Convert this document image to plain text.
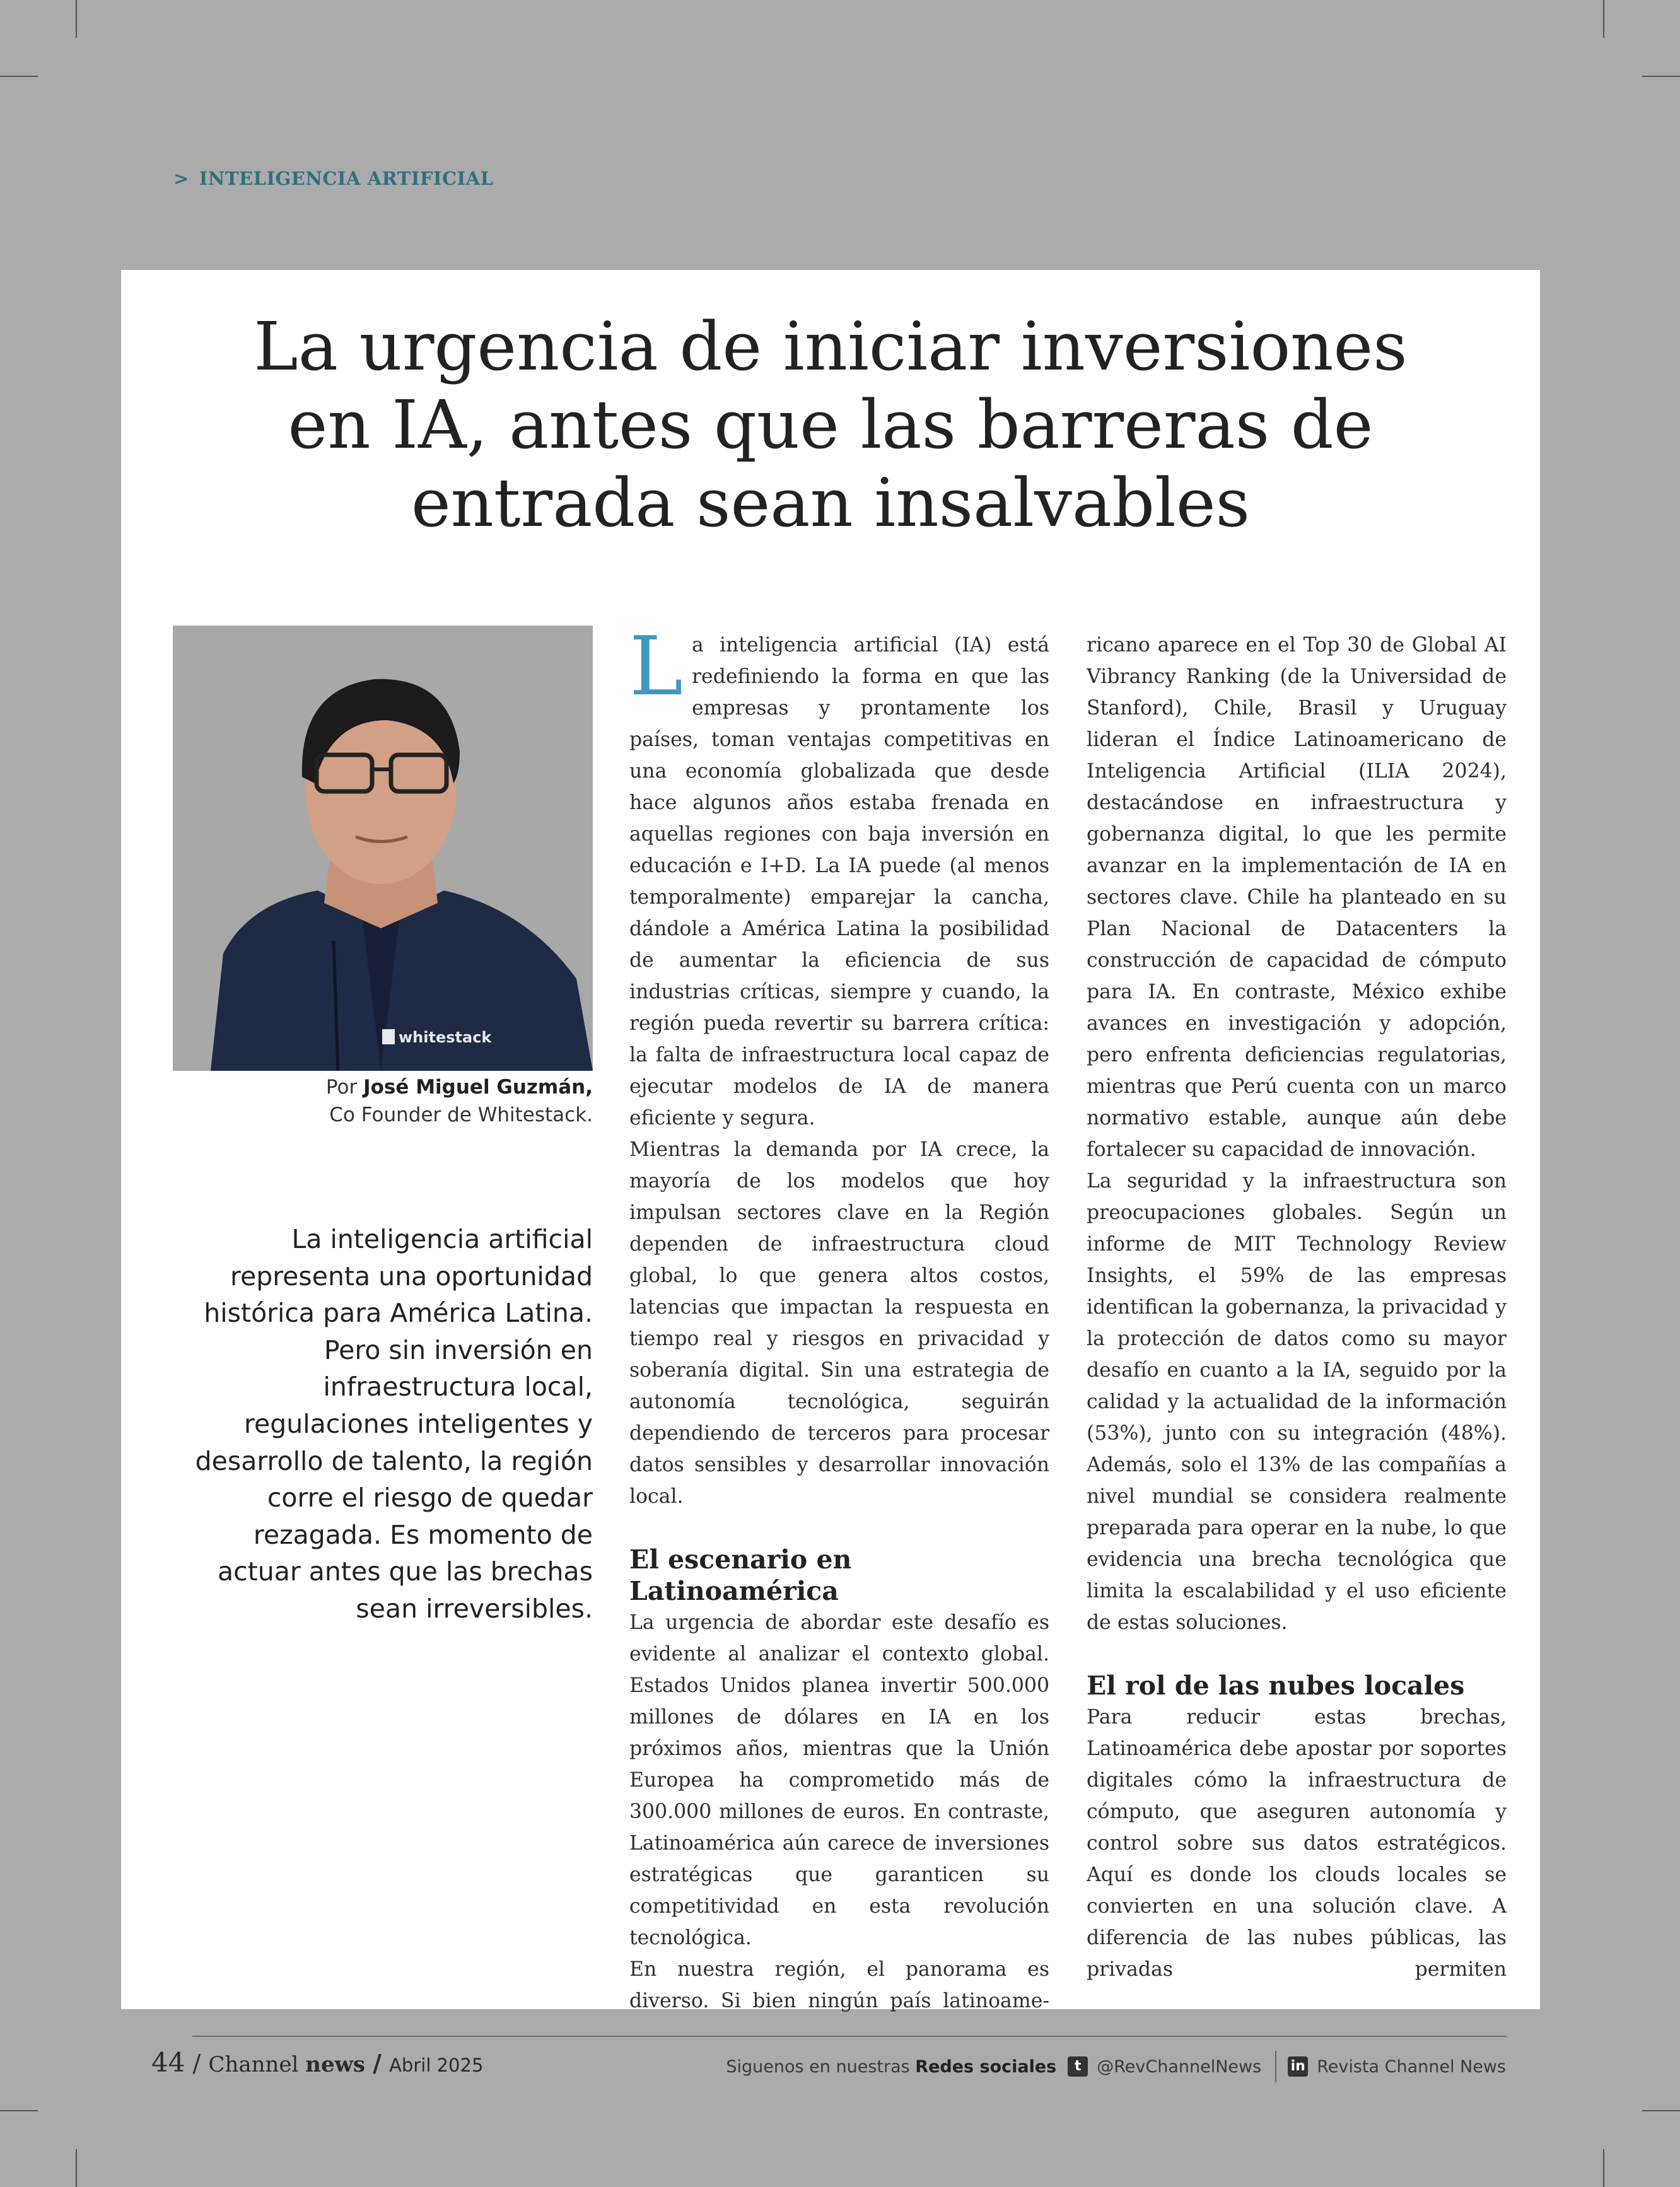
> INTELIGENCIA ARTIFICIAL
La urgencia de iniciar inversiones
en IA, antes que las barreras de
entrada sean insalvables
whitestack
Por José Miguel Guzmán,
Co Founder de Whitestack.
La inteligencia artificial representa una oportunidad histórica para América Latina. Pero sin inversión en infraestructura local, regulaciones inteligentes y desarrollo de talento, la región corre el riesgo de quedar rezagada. Es momento de actuar antes que las brechas sean irreversibles.

La inteligencia artificial (IA) está redefiniendo la forma en que las empresas y prontamente los países, toman ventajas competitivas en una economía globalizada que desde hace algunos años estaba frenada en aquellas regiones con baja inversión en educación e I+D. La IA puede (al menos temporalmente) emparejar la cancha, dándole a América Latina la posibilidad de aumentar la eficiencia de sus industrias críticas, siempre y cuando, la región pueda revertir su barrera crítica: la falta de infraestructura local capaz de ejecutar modelos de IA de manera eficiente y segura.

Mientras la demanda por IA crece, la mayoría de los modelos que hoy impulsan sectores clave en la Región dependen de infraestructura cloud global, lo que genera altos costos, latencias que impactan la respuesta en tiempo real y riesgos en privacidad y soberanía digital. Sin una estrategia de autonomía tecnológica, seguirán dependiendo de terceros para procesar datos sensibles y desarrollar innovación local.

El escenario en Latinoamérica

La urgencia de abordar este desafío es evidente al analizar el contexto global. Estados Unidos planea invertir 500.000 millones de dólares en IA en los próximos años, mientras que la Unión Europea ha comprometido más de 300.000 millones de euros. En contraste, Latinoamérica aún carece de inversiones estratégicas que garanticen su competitividad en esta revolución tecnológica.

En nuestra región, el panorama es diverso. Si bien ningún país latinoame-

ricano aparece en el Top 30 de Global AI Vibrancy Ranking (de la Universidad de Stanford), Chile, Brasil y Uruguay lideran el Índice Latinoamericano de Inteligencia Artificial (ILIA 2024), destacándose en infraestructura y gobernanza digital, lo que les permite avanzar en la implementación de IA en sectores clave. Chile ha planteado en su Plan Nacional de Datacenters la construcción de capacidad de cómputo para IA. En contraste, México exhibe avances en investigación y adopción, pero enfrenta deficiencias regulatorias, mientras que Perú cuenta con un marco normativo estable, aunque aún debe fortalecer su capacidad de innovación.

La seguridad y la infraestructura son preocupaciones globales. Según un informe de MIT Technology Review Insights, el 59% de las empresas identifican la gobernanza, la privacidad y la protección de datos como su mayor desafío en cuanto a la IA, seguido por la calidad y la actualidad de la información (53%), junto con su integración (48%). Además, solo el 13% de las compañías a nivel mundial se considera realmente preparada para operar en la nube, lo que evidencia una brecha tecnológica que limita la escalabilidad y el uso eficiente de estas soluciones.

El rol de las nubes locales

Para reducir estas brechas, Latinoamérica debe apostar por soportes digitales cómo la infraestructura de cómputo, que aseguren autonomía y control sobre sus datos estratégicos. Aquí es donde los clouds locales se convierten en una solución clave. A diferencia de las nubes públicas, las privadas permiten

44 / Channel news / Abril 2025	Siguenos en nuestras
Redes sociales	t @RevChannelNews in Revista Channel News
